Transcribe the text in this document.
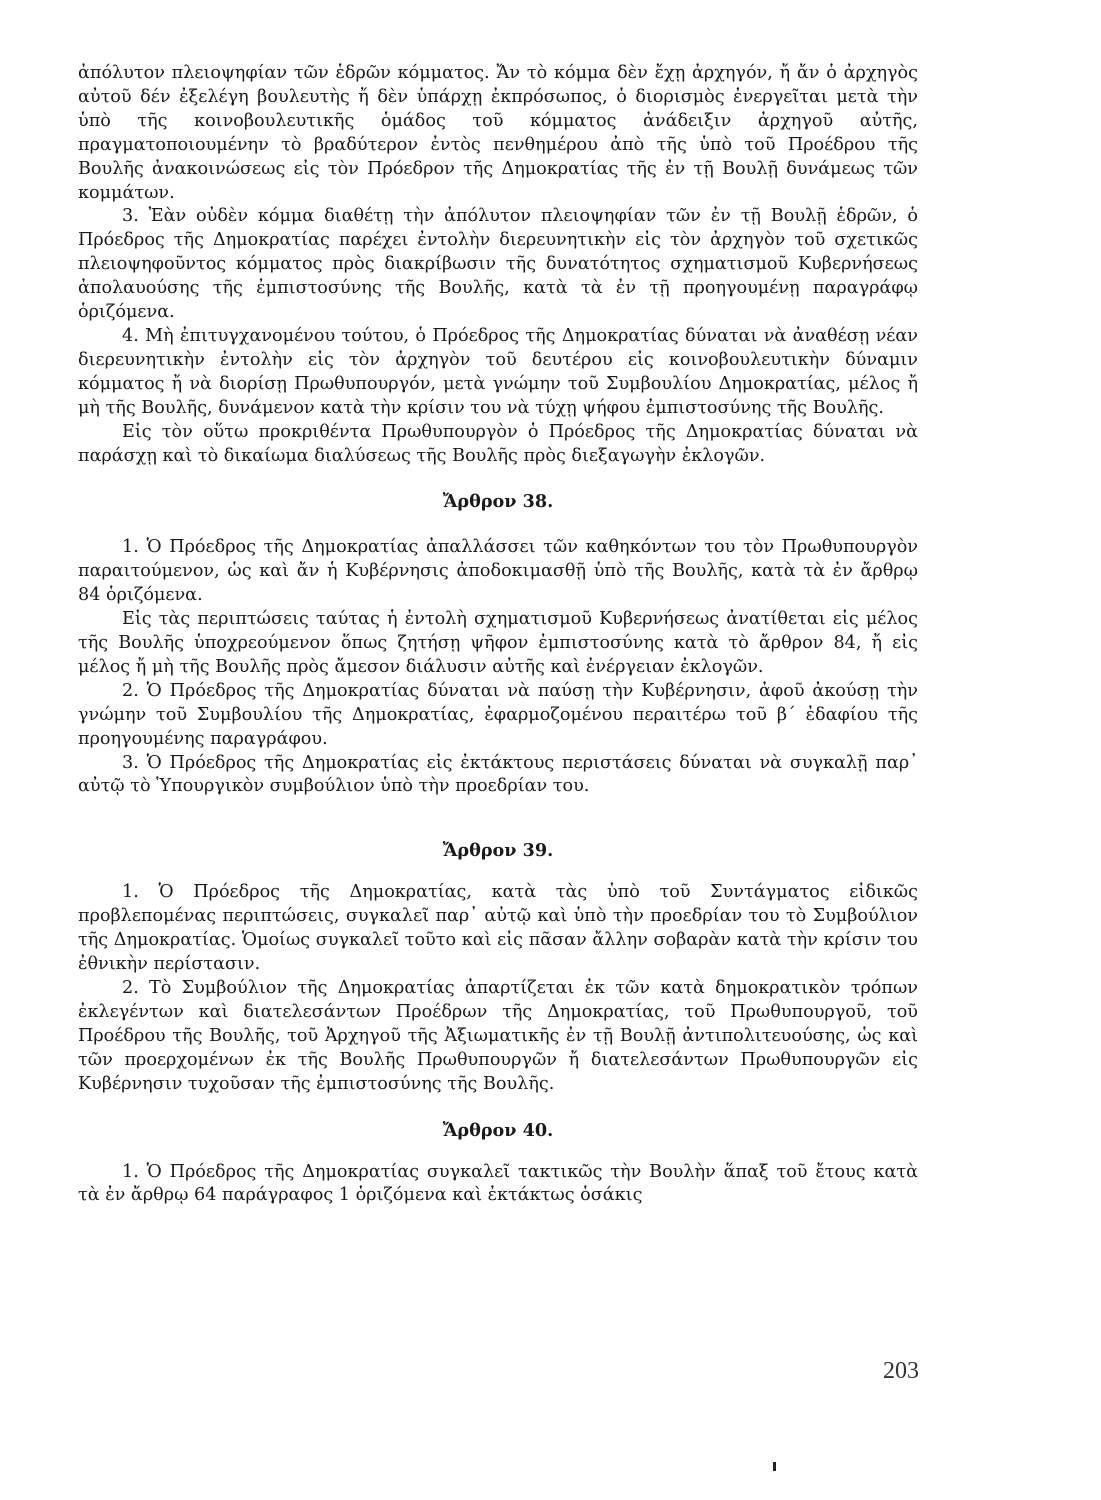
ἀπόλυτον πλειοψηφίαν τῶν ἑδρῶν κόμματος. Ἄν τὸ κόμμα δὲν ἔχῃ ἀρχηγόν, ἤ ἄν ὁ ἀρχηγὸς αὐτοῦ δέν ἐξελέγη βουλευτὴς ἤ δὲν ὑπάρχῃ ἐκπρόσωπος, ὁ διορισμὸς ἐνεργεῖται μετὰ τὴν ὑπὸ τῆς κοινοβουλευτικῆς ὁμάδος τοῦ κόμματος ἀνάδειξιν ἀρχηγοῦ αὐτῆς, πραγματοποιουμένην τὸ βραδύτερον ἐντὸς πενθημέρου ἀπὸ τῆς ὑπὸ τοῦ Προέδρου τῆς Βουλῆς ἀνακοινώσεως εἰς τὸν Πρόεδρον τῆς Δημοκρατίας τῆς ἐν τῇ Βουλῇ δυνάμεως τῶν κομμάτων.

3. Ἐὰν οὐδὲν κόμμα διαθέτῃ τὴν ἀπόλυτον πλειοψηφίαν τῶν ἐν τῇ Βουλῇ ἑδρῶν, ὁ Πρόεδρος τῆς Δημοκρατίας παρέχει ἐντολὴν διερευνητικὴν εἰς τὸν ἀρχηγὸν τοῦ σχετικῶς πλειοψηφοῦντος κόμματος πρὸς διακρίβωσιν τῆς δυνατότητος σχηματισμοῦ Κυβερνήσεως ἀπολαυούσης τῆς ἐμπιστοσύνης τῆς Βουλῆς, κατὰ τὰ ἐν τῇ προηγουμένῃ παραγράφῳ ὁριζόμενα.

4. Μὴ ἐπιτυγχανομένου τούτου, ὁ Πρόεδρος τῆς Δημοκρατίας δύναται νὰ ἀναθέσῃ νέαν διερευνητικὴν ἐντολὴν εἰς τὸν ἀρχηγὸν τοῦ δευτέρου εἰς κοινοβουλευτικὴν δύναμιν κόμματος ἤ νὰ διορίσῃ Πρωθυπουργόν, μετὰ γνώμην τοῦ Συμβουλίου Δημοκρατίας, μέλος ἤ μὴ τῆς Βουλῆς, δυνάμενον κατὰ τὴν κρίσιν του νὰ τύχῃ ψήφου ἐμπιστοσύνης τῆς Βουλῆς.

Εἰς τὸν οὕτω προκριθέντα Πρωθυπουργὸν ὁ Πρόεδρος τῆς Δημοκρατίας δύναται νὰ παράσχῃ καὶ τὸ δικαίωμα διαλύσεως τῆς Βουλῆς πρὸς διεξαγωγὴν ἐκλογῶν.

Ἄρθρον 38.

1. Ὁ Πρόεδρος τῆς Δημοκρατίας ἀπαλλάσσει τῶν καθηκόντων του τὸν Πρωθυπουργὸν παραιτούμενον, ὡς καὶ ἄν ἡ Κυβέρνησις ἀποδοκιμασθῇ ὑπὸ τῆς Βουλῆς, κατὰ τὰ ἐν ἄρθρῳ 84 ὁριζόμενα.

Εἰς τὰς περιπτώσεις ταύτας ἡ ἐντολὴ σχηματισμοῦ Κυβερνήσεως ἀνατίθεται εἰς μέλος τῆς Βουλῆς ὑποχρεούμενον ὅπως ζητήσῃ ψῆφον ἐμπιστοσύνης κατὰ τὸ ἄρθρον 84, ἤ εἰς μέλος ἤ μὴ τῆς Βουλῆς πρὸς ἄμεσον διάλυσιν αὐτῆς καὶ ἐνέργειαν ἐκλογῶν.

2. Ὁ Πρόεδρος τῆς Δημοκρατίας δύναται νὰ παύσῃ τὴν Κυβέρνησιν, ἀφοῦ ἀκούσῃ τὴν γνώμην τοῦ Συμβουλίου τῆς Δημοκρατίας, ἐφαρμοζομένου περαιτέρω τοῦ β´ ἐδαφίου τῆς προηγουμένης παραγράφου.

3. Ὁ Πρόεδρος τῆς Δημοκρατίας εἰς ἐκτάκτους περιστάσεις δύναται νὰ συγκαλῇ παρ᾽ αὐτῷ τὸ Ὑπουργικὸν συμβούλιον ὑπὸ τὴν προεδρίαν του.

Ἄρθρον 39.

1. Ὁ Πρόεδρος τῆς Δημοκρατίας, κατὰ τὰς ὑπὸ τοῦ Συντάγματος εἰδικῶς προβλεπομένας περιπτώσεις, συγκαλεῖ παρ᾽ αὐτῷ καὶ ὑπὸ τὴν προεδρίαν του τὸ Συμβούλιον τῆς Δημοκρατίας. Ὁμοίως συγκαλεῖ τοῦτο καὶ εἰς πᾶσαν ἄλλην σοβαρὰν κατὰ τὴν κρίσιν του ἐθνικὴν περίστασιν.

2. Τὸ Συμβούλιον τῆς Δημοκρατίας ἀπαρτίζεται ἐκ τῶν κατὰ δημοκρατικὸν τρόπων ἐκλεγέντων καὶ διατελεσάντων Προέδρων τῆς Δημοκρατίας, τοῦ Πρωθυπουργοῦ, τοῦ Προέδρου τῆς Βουλῆς, τοῦ Ἀρχηγοῦ τῆς Ἀξιωματικῆς ἐν τῇ Βουλῇ ἀντιπολιτευούσης, ὡς καὶ τῶν προερχομένων ἐκ τῆς Βουλῆς Πρωθυπουργῶν ἤ διατελεσάντων Πρωθυπουργῶν εἰς Κυβέρνησιν τυχοῦσαν τῆς ἐμπιστοσύνης τῆς Βουλῆς.

Ἄρθρον 40.

1. Ὁ Πρόεδρος τῆς Δημοκρατίας συγκαλεῖ τακτικῶς τὴν Βουλὴν ἅπαξ τοῦ ἔτους κατὰ τὰ ἐν ἄρθρῳ 64 παράγραφος 1 ὁριζόμενα καὶ ἐκτάκτως ὁσάκις

203
